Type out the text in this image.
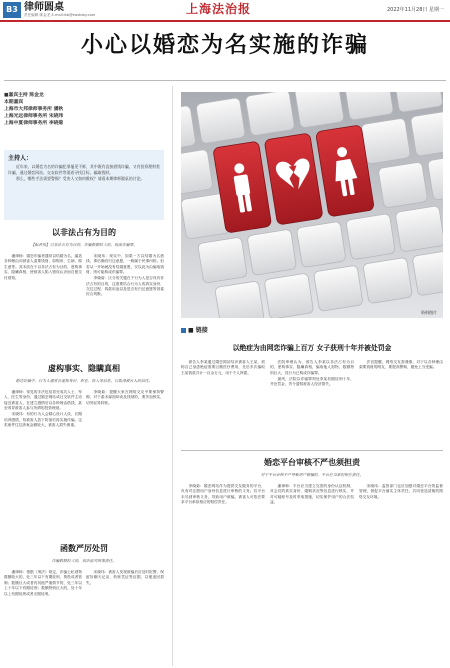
B3 律师圆桌
责任编辑 陈金龙 E-mail:lsb@eastday.com	上海法治报	2022年11月28日 星期一
小心以婚恋为名实施的诈骗
■嘉宾主持 陈金龙
本期嘉宾
上海市大邦律师事务所 潘秋
上海光远律师事务所 宋晓玮
上海中夏律师事务所 李晓菊
主持人：

近年来，以婚恋为名的诈骗犯罪屡见不鲜，其中既有直接借钱诈骗，又有投资理财类诈骗，通过婚恋网站、交友软件等渠道寻找目标，骗取钱财。

那么，哪些手法需要警惕？受害人又如何维权？请看本期律师圆桌的讨论。

以非法占有为目的
【编者按】以非法占有为目的，诈骗数额较大的，构成诈骗罪。

潘律师：婚恋诈骗者通常以结婚为名，编造各种理由向被害人索要钱财，如购房、生病、做生意等。其本质在于以非法占有为目的，虚构事实、隐瞒真相，使被害人陷入错误认识而自愿交付财物。

宋晓玮：现实中，如果一方以结婚为名借钱，事后确有归还意愿，一般属于民事纠纷。但若从一开始就没有结婚意愿，仅以此为由骗取钱财，则可能构成诈骗罪。

李晓菊：区分的关键在于行为人是否具有非法占有的目的，这需要结合行为人的真实身份、交往过程、钱款用途以及是否有归还意愿等因素综合判断。

虚构事实、隐瞒真相
婚恋诈骗中，行为人通常会虚构身份、职业、收入等信息，以取得被害人的信任。

潘律师：常见的手法包括冒充成功人士、军人、医生等身份，通过婚恋网站或社交软件主动接近被害人，在建立感情后以各种理由借钱，甚至诱导被害人参与所谓的投资理财。

宋晓玮：有的行为人会精心设计人设，长期培养感情，待被害人放下防备后再实施诈骗。这类案件往往涉案金额较大，被害人损失惨重。

李晓菊：提醒大家在网络交友中要保持警惕，对于素未谋面却谈及钱财的，要多加核实，切勿轻易转账。

函数严厉处罚
诈骗数额较大的，依法追究刑事责任。

潘律师：根据《刑法》规定，诈骗公私财物数额较大的，处三年以下有期徒刑、拘役或者管制；数额巨大或者有其他严重情节的，处三年以上十年以下有期徒刑；数额特别巨大的，处十年以上有期徒刑或者无期徒刑。

宋晓玮：被害人发现被骗后应及时报警，保留好聊天记录、转账凭证等证据，以便追回损失。

资料图片
■ 链接
以绝症为由网恋诈骗上百万 女子获刑十年并被处罚金

被告人李某通过婚恋网站结识被害人王某，谎称自己身患绝症需要巨额医疗费用，先后多次骗取王某钱款共计一百余万元，用于个人挥霍。

法院审理认为，被告人李某以非法占有为目的，虚构事实、隐瞒真相，骗取他人财物，数额特别巨大，其行为已构成诈骗罪。

最终，法院以诈骗罪判处李某有期徒刑十年，并处罚金，责令退赔被害人经济损失。

法官提醒，网络交友需谨慎，对于以各种理由索要钱财的网友，要提高警惕，避免上当受骗。

婚恋平台审核不严也须担责
对于平台审核不严导致用户被骗的，平台应当承担相应责任。

李晓菊：婚恋网站作为提供交友服务的平台，负有对注册用户身份信息进行审核的义务。若平台未尽到审核义务，导致用户被骗，被害人可依法要求平台承担相应的赔偿责任。

潘律师：平台应当建立完善的身份认证机制，对会员的真实身份、婚姻状况等信息进行核实，并对可疑账号及时采取措施，切实保护用户的合法权益。

宋晓玮：监管部门也应加强对婚恋平台的监督管理，督促平台落实主体责任，共同营造清朗的网络交友环境。
